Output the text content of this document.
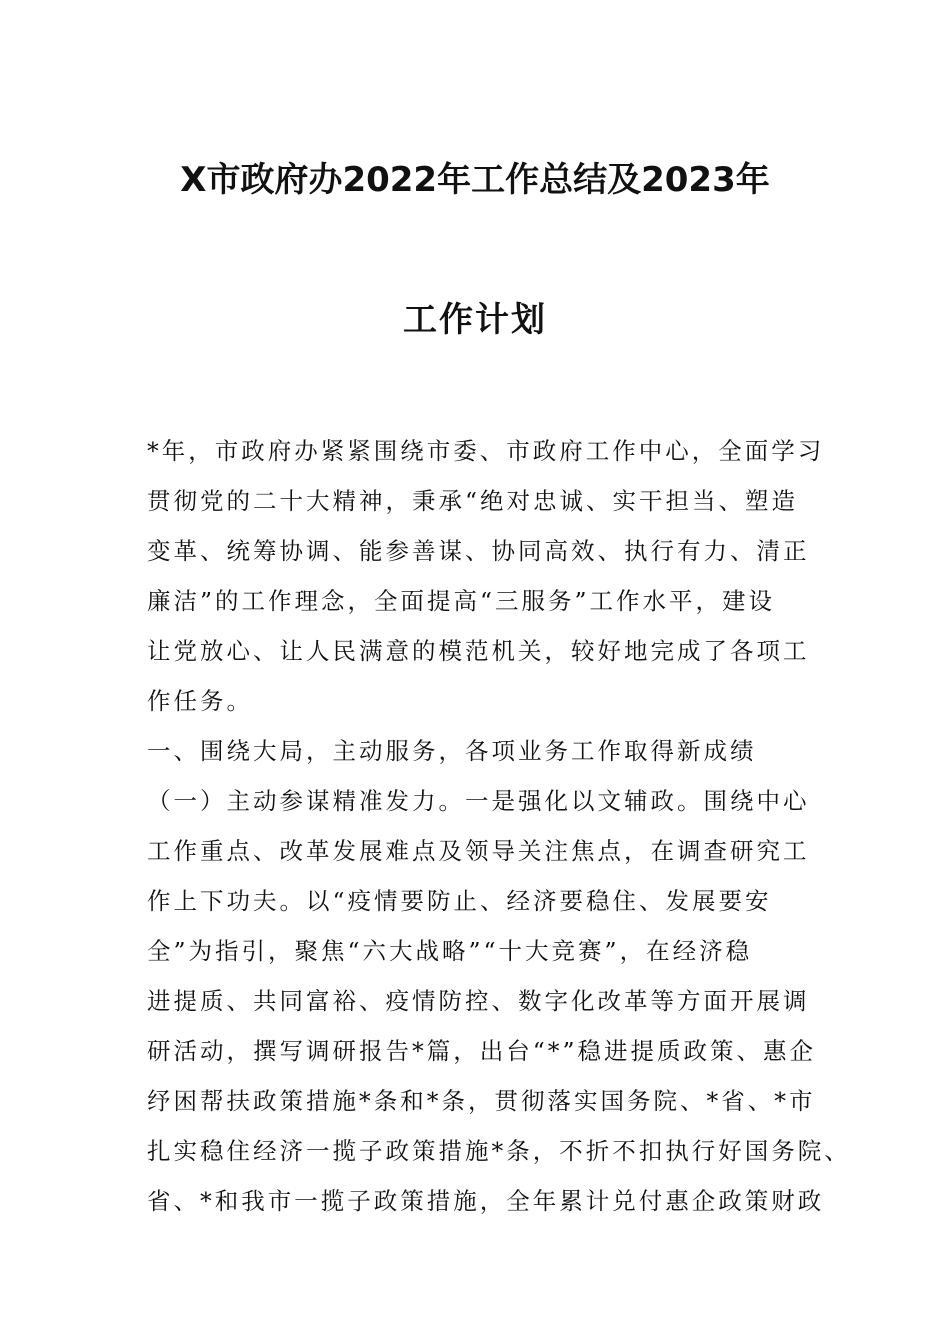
X市政府办2022年工作总结及2023年
工作计划
*年，市政府办紧紧围绕市委、市政府工作中心，全面学习
贯彻党的二十大精神，秉承“绝对忠诚、实干担当、塑造
变革、统筹协调、能参善谋、协同高效、执行有力、清正
廉洁”的工作理念，全面提高“三服务”工作水平，建设
让党放心、让人民满意的模范机关，较好地完成了各项工
作任务。
一、围绕大局，主动服务，各项业务工作取得新成绩
（一）主动参谋精准发力。一是强化以文辅政。围绕中心
工作重点、改革发展难点及领导关注焦点，在调查研究工
作上下功夫。以“疫情要防止、经济要稳住、发展要安
全”为指引，聚焦“六大战略”“十大竞赛”，在经济稳
进提质、共同富裕、疫情防控、数字化改革等方面开展调
研活动，撰写调研报告*篇，出台“*”稳进提质政策、惠企
纾困帮扶政策措施*条和*条，贯彻落实国务院、*省、*市
扎实稳住经济一揽子政策措施*条，不折不扣执行好国务院、
省、*和我市一揽子政策措施，全年累计兑付惠企政策财政
